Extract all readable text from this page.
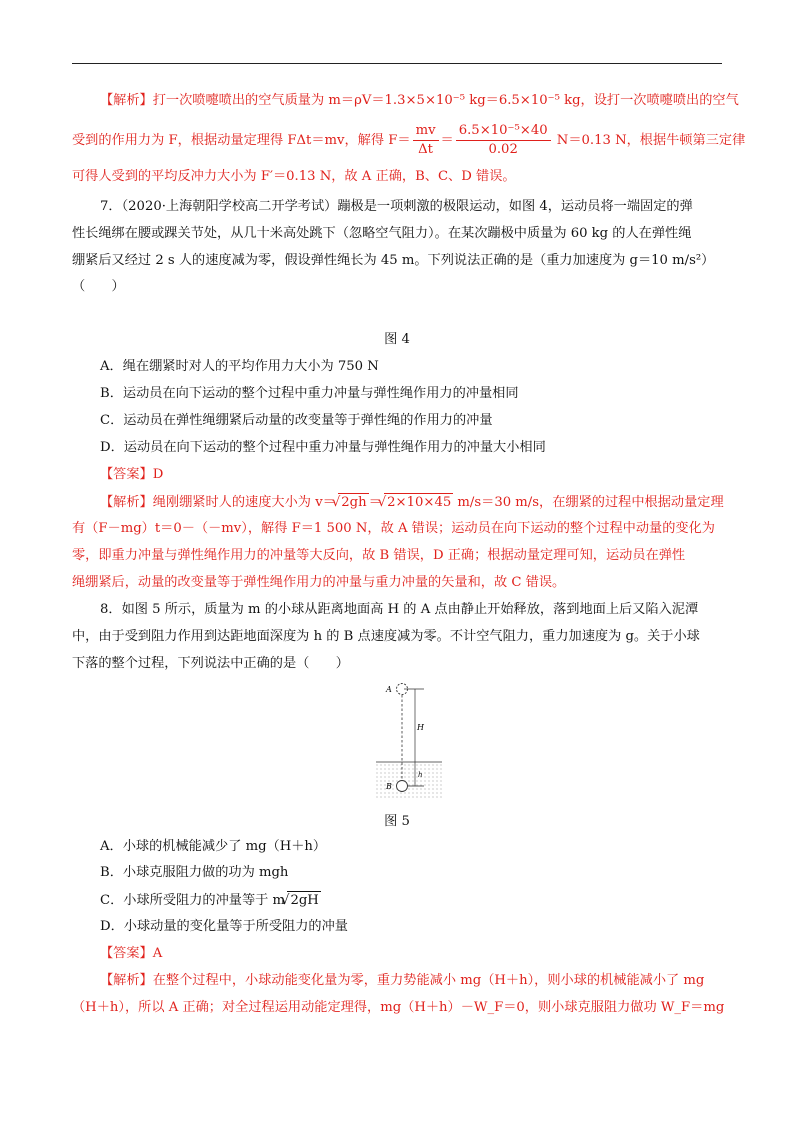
【解析】打一次喷嚏喷出的空气质量为 m＝ρV＝1.3×5×10⁻⁵ kg＝6.5×10⁻⁵ kg，设打一次喷嚏喷出的空气
受到的作用力为 F，根据动量定理得 FΔt＝mv，解得 $F= \frac{mv}{\Delta t} = \frac{\text{6.5×10⁻⁵×40}}{0.02} N=0.13$ N，根据牛顿第三定律
可得人受到的平均反冲力大小为 F′＝0.13 N，故 A 正确，B、C、D 错误。
7．（2020·上海朝阳学校高二开学考试）蹦极是一项刺激的极限运动，如图 4，运动员将一端固定的弹
性长绳绑在腰或踝关节处，从几十米高处跳下（忽略空气阻力）。在某次蹦极中质量为 60 kg 的人在弹性绳
绷紧后又经过 2 s 人的速度减为零，假设弹性绳长为 45 m。下列说法正确的是（重力加速度为 g＝10 m/s²）
（　　）
图 4
A．绳在绷紧时对人的平均作用力大小为 750 N
B．运动员在向下运动的整个过程中重力冲量与弹性绳作用力的冲量相同
C．运动员在弹性绳绷紧后动量的改变量等于弹性绳的作用力的冲量
D．运动员在向下运动的整个过程中重力冲量与弹性绳作用力的冲量大小相同
【答案】D
【解析】绳刚绷紧时人的速度大小为 v＝ √ 2gh ＝ √ 2×10×45 m/s＝30 m/s，在绷紧的过程中根据动量定理
有（F－mg）t＝0－（－mv），解得 F＝1 500 N，故 A 错误；运动员在向下运动的整个过程中动量的变化为
零，即重力冲量与弹性绳作用力的冲量等大反向，故 B 错误，D 正确；根据动量定理可知，运动员在弹性
绳绷紧后，动量的改变量等于弹性绳作用力的冲量与重力冲量的矢量和，故 C 错误。
8．如图 5 所示，质量为 m 的小球从距离地面高 H 的 A 点由静止开始释放，落到地面上后又陷入泥潭
中，由于受到阻力作用到达距地面深度为 h 的 B 点速度减为零。不计空气阻力，重力加速度为 g。关于小球
下落的整个过程，下列说法中正确的是（　　）
A
B
H
h
图 5
A．小球的机械能减少了 mg（H＋h）
B．小球克服阻力做的功为 mgh
C．小球所受阻力的冲量等于 m √ 2gH
D．小球动量的变化量等于所受阻力的冲量
【答案】A
【解析】在整个过程中，小球动能变化量为零，重力势能减小 mg（H＋h），则小球的机械能减小了 mg
（H＋h），所以 A 正确；对全过程运用动能定理得，mg（H＋h）－W_F＝0，则小球克服阻力做功 W_F＝mg
